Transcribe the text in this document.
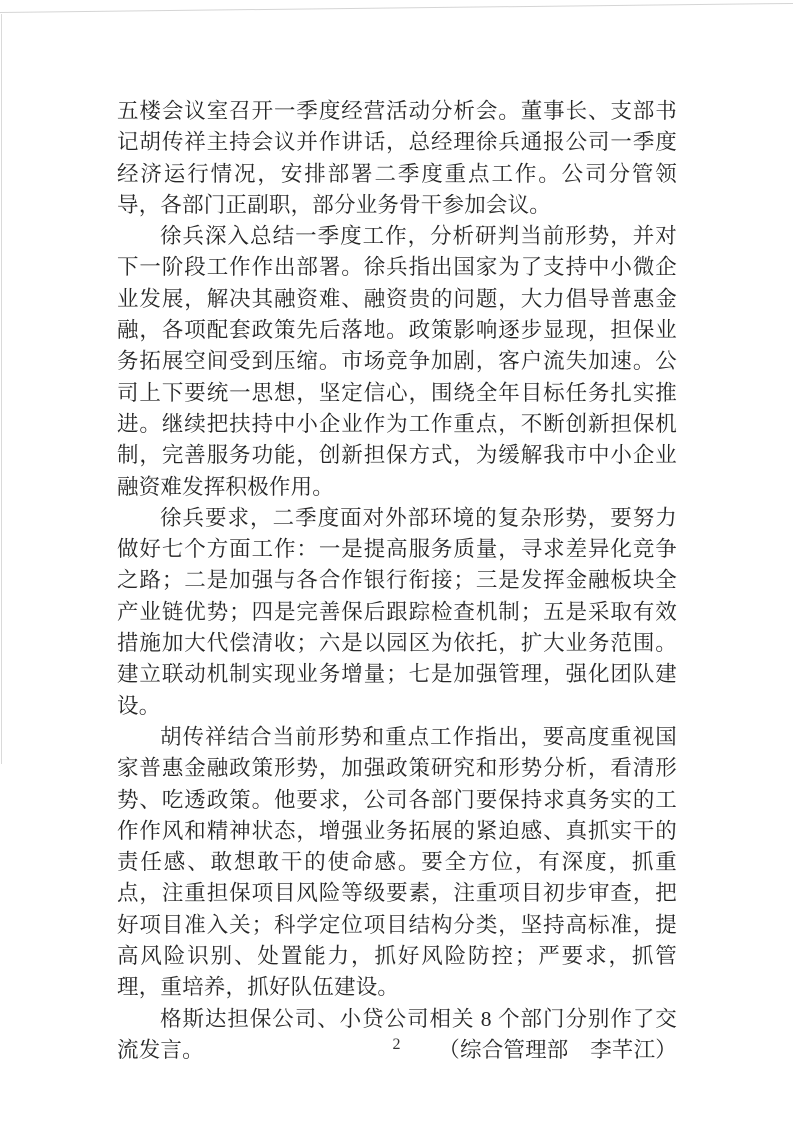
五楼会议室召开一季度经营活动分析会。董事长、支部书记胡传祥主持会议并作讲话，总经理徐兵通报公司一季度经济运行情况，安排部署二季度重点工作。公司分管领导，各部门正副职，部分业务骨干参加会议。

徐兵深入总结一季度工作，分析研判当前形势，并对下一阶段工作作出部署。徐兵指出国家为了支持中小微企业发展，解决其融资难、融资贵的问题，大力倡导普惠金融，各项配套政策先后落地。政策影响逐步显现，担保业务拓展空间受到压缩。市场竞争加剧，客户流失加速。公司上下要统一思想，坚定信心，围绕全年目标任务扎实推进。继续把扶持中小企业作为工作重点，不断创新担保机制，完善服务功能，创新担保方式，为缓解我市中小企业融资难发挥积极作用。

徐兵要求，二季度面对外部环境的复杂形势，要努力做好七个方面工作：一是提高服务质量，寻求差异化竞争之路；二是加强与各合作银行衔接；三是发挥金融板块全产业链优势；四是完善保后跟踪检查机制；五是采取有效措施加大代偿清收；六是以园区为依托，扩大业务范围。建立联动机制实现业务增量；七是加强管理，强化团队建设。

胡传祥结合当前形势和重点工作指出，要高度重视国家普惠金融政策形势，加强政策研究和形势分析，看清形势、吃透政策。他要求，公司各部门要保持求真务实的工作作风和精神状态，增强业务拓展的紧迫感、真抓实干的责任感、敢想敢干的使命感。要全方位，有深度，抓重点，注重担保项目风险等级要素，注重项目初步审查，把好项目准入关；科学定位项目结构分类，坚持高标准，提高风险识别、处置能力，抓好风险防控；严要求，抓管理，重培养，抓好队伍建设。

格斯达担保公司、小贷公司相关 8 个部门分别作了交流发言。	（综合管理部　李芊江）

2
